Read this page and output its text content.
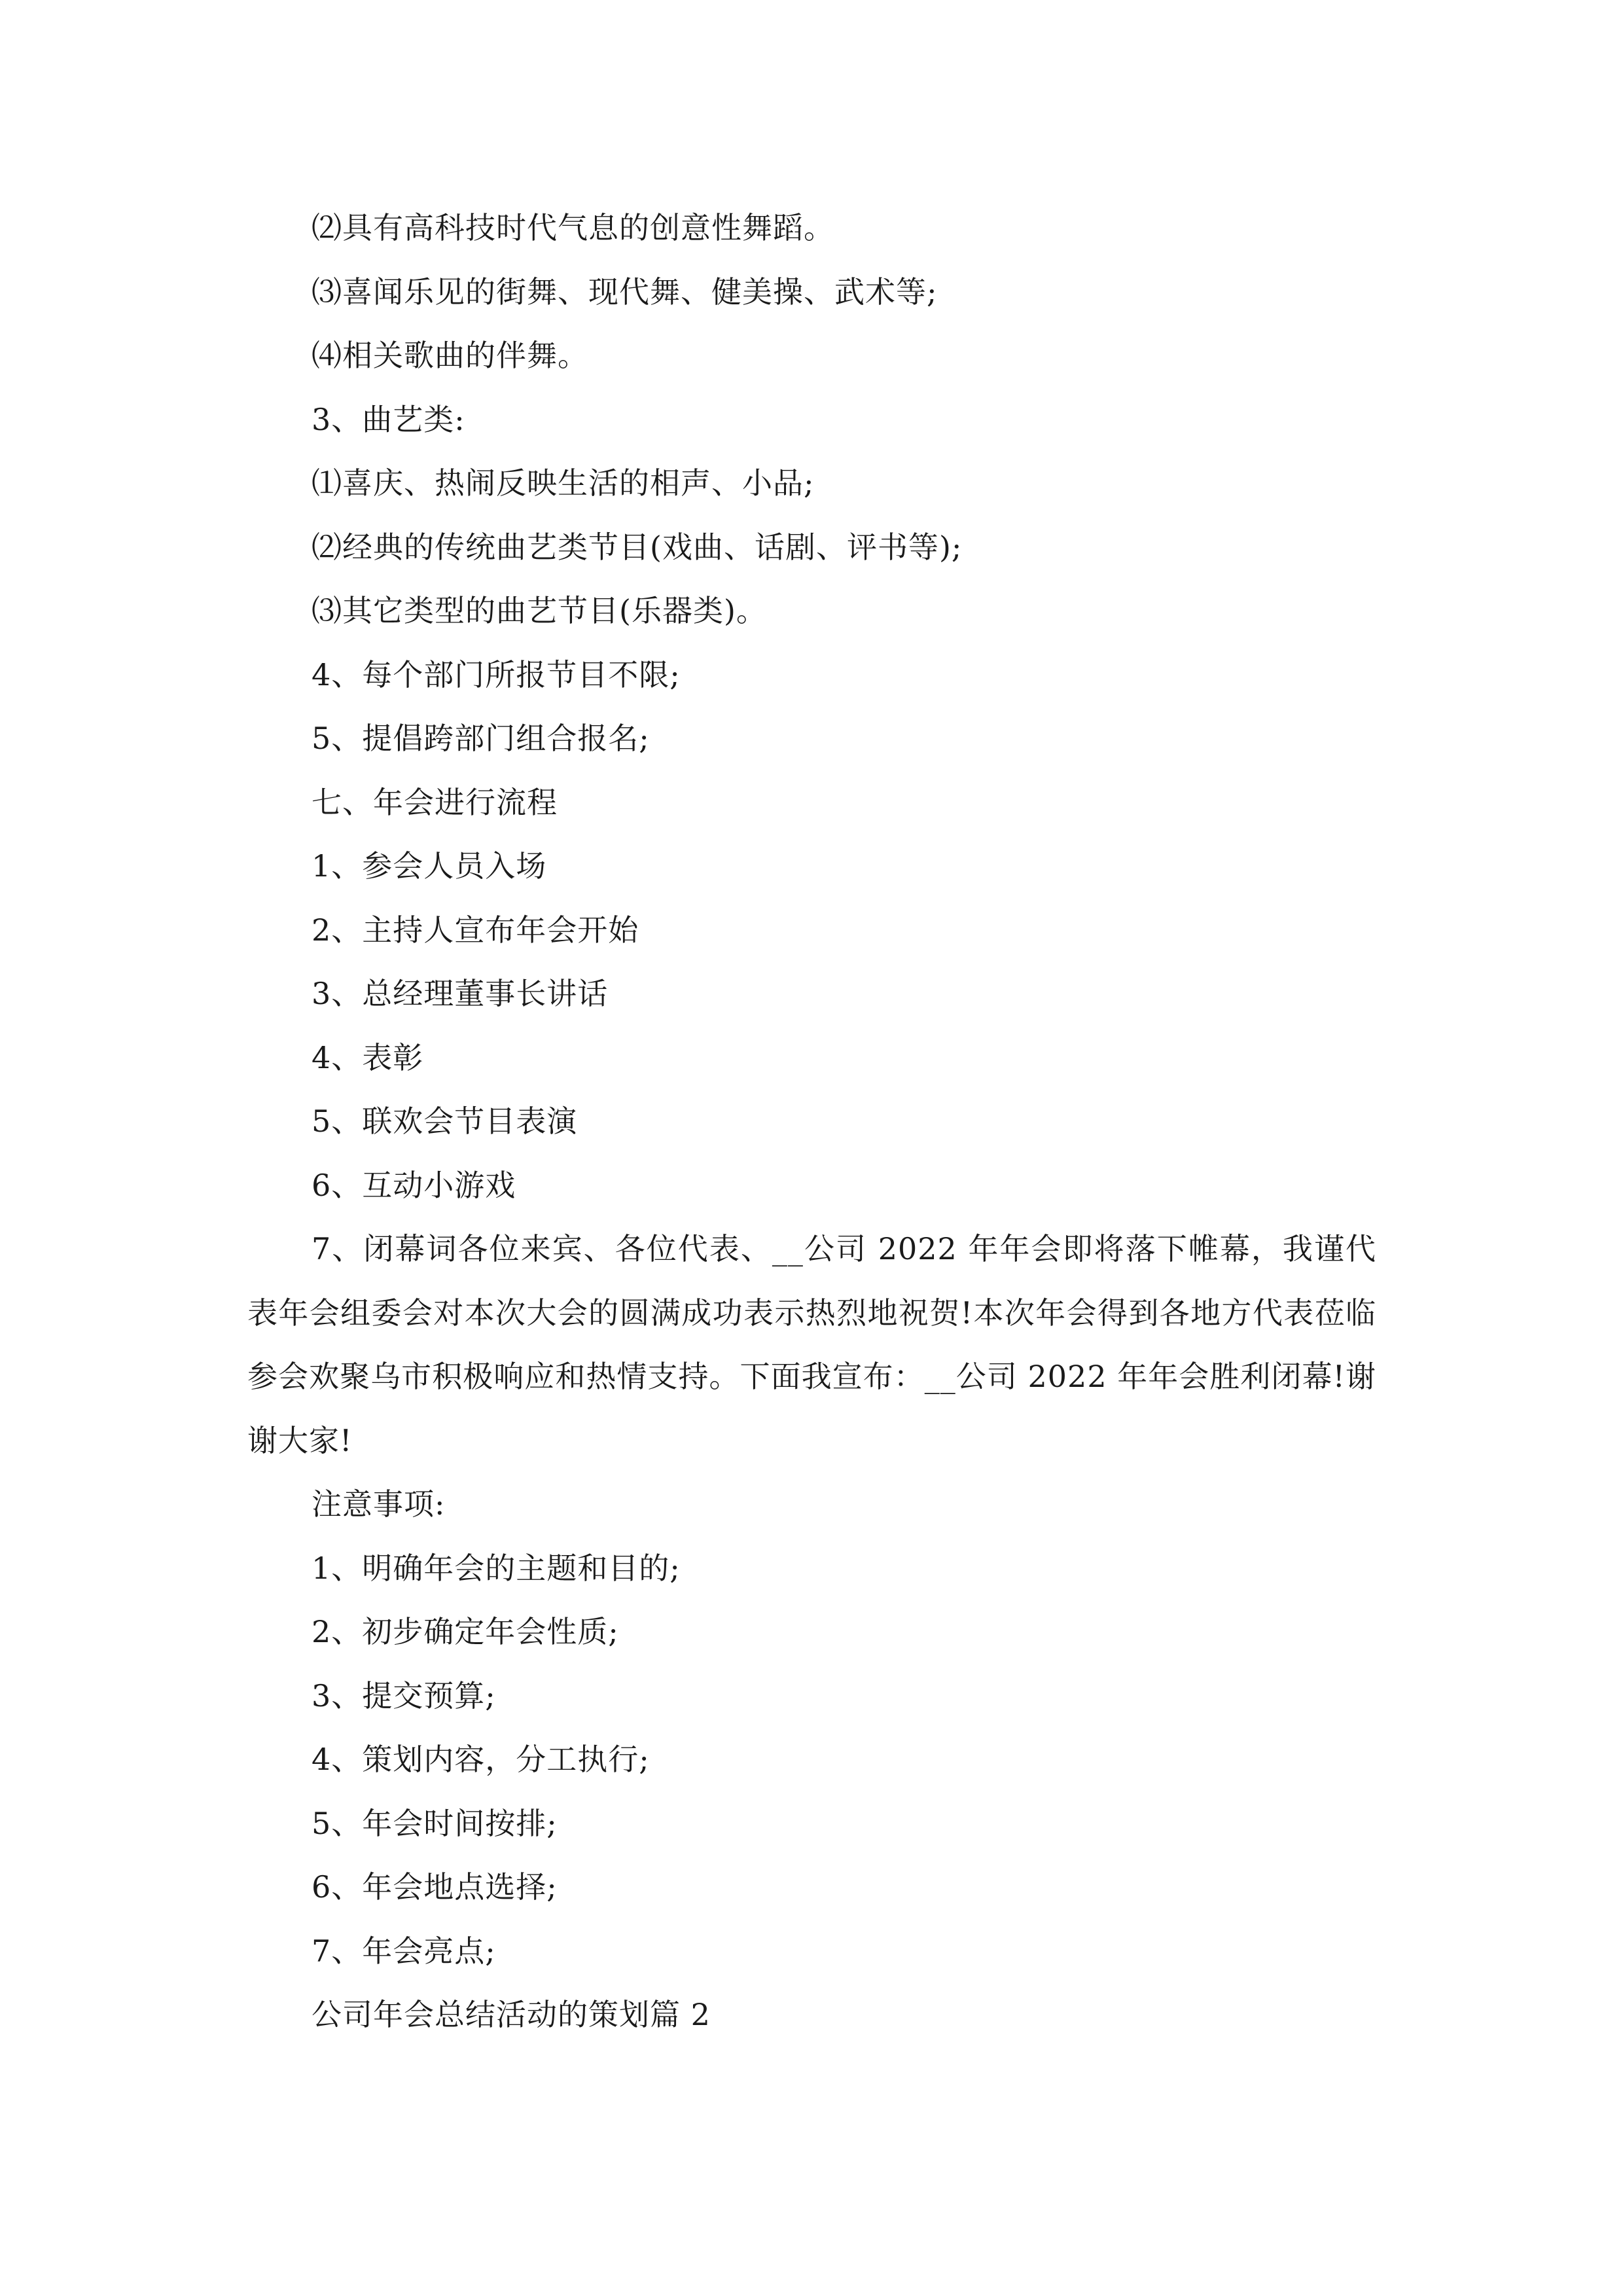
⑵具有高科技时代气息的创意性舞蹈。
⑶喜闻乐见的街舞、现代舞、健美操、武术等;
⑷相关歌曲的伴舞。
3、曲艺类:
⑴喜庆、热闹反映生活的相声、小品;
⑵经典的传统曲艺类节目(戏曲、话剧、评书等);
⑶其它类型的曲艺节目(乐器类)。
4、每个部门所报节目不限;
5、提倡跨部门组合报名;
七、年会进行流程
1、参会人员入场
2、主持人宣布年会开始
3、总经理董事长讲话
4、表彰
5、联欢会节目表演
6、互动小游戏

7、闭幕词各位来宾、各位代表、__公司 2022 年年会即将落下帷幕，我谨代表年会组委会对本次大会的圆满成功表示热烈地祝贺!本次年会得到各地方代表莅临参会欢聚乌市积极响应和热情支持。下面我宣布：__公司 2022 年年会胜利闭幕!谢谢大家!

注意事项:
1、明确年会的主题和目的;
2、初步确定年会性质;
3、提交预算;
4、策划内容，分工执行;
5、年会时间按排;
6、年会地点选择;
7、年会亮点;
公司年会总结活动的策划篇 2
